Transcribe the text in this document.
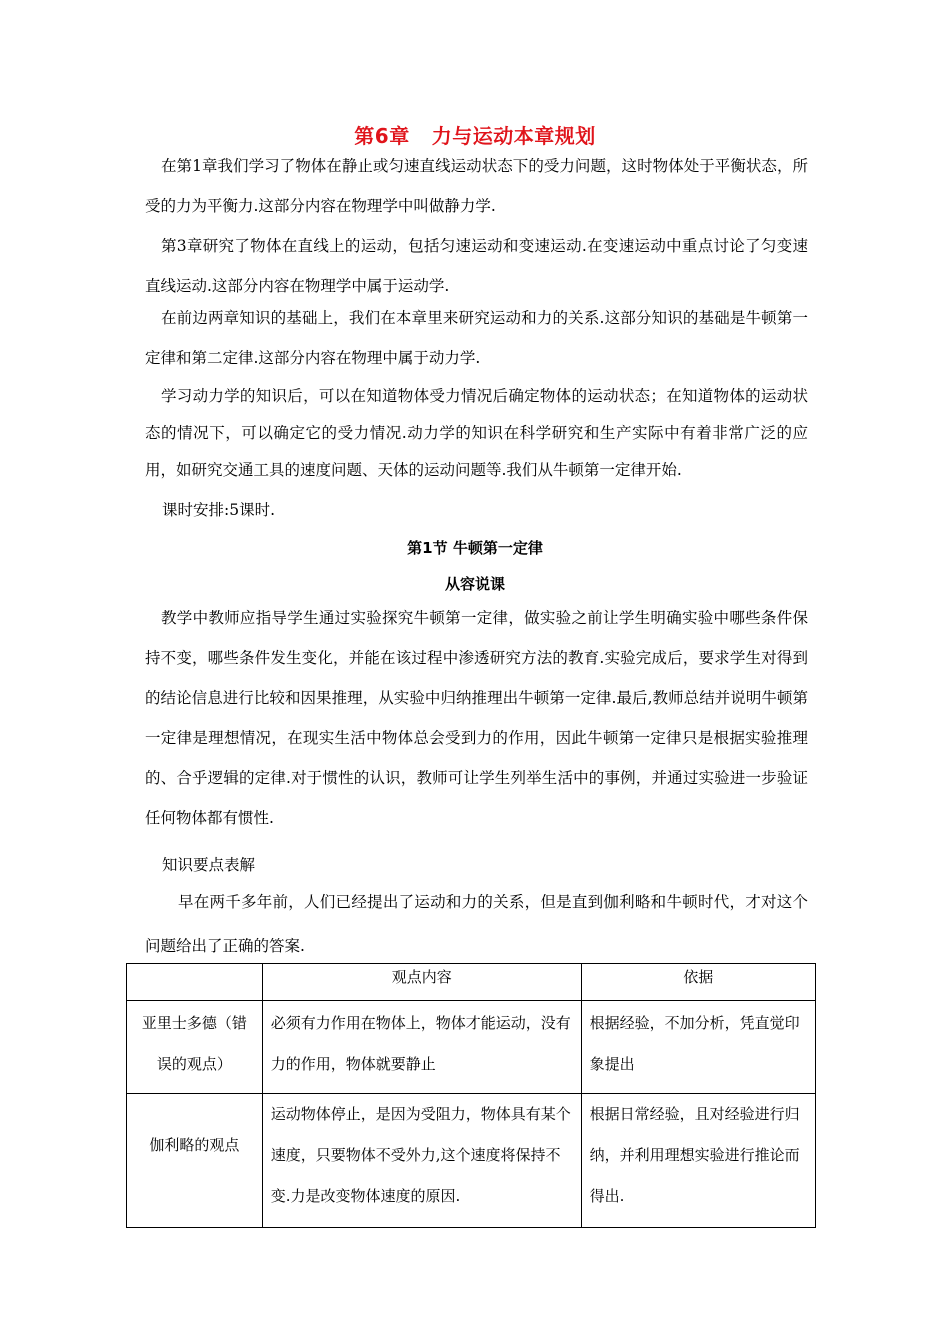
第6章 力与运动本章规划

在第1章我们学习了物体在静止或匀速直线运动状态下的受力问题，这时物体处于平衡状态，所受的力为平衡力.这部分内容在物理学中叫做静力学.

第3章研究了物体在直线上的运动，包括匀速运动和变速运动.在变速运动中重点讨论了匀变速直线运动.这部分内容在物理学中属于运动学.

在前边两章知识的基础上，我们在本章里来研究运动和力的关系.这部分知识的基础是牛顿第一定律和第二定律.这部分内容在物理中属于动力学.

学习动力学的知识后，可以在知道物体受力情况后确定物体的运动状态；在知道物体的运动状态的情况下，可以确定它的受力情况.动力学的知识在科学研究和生产实际中有着非常广泛的应用，如研究交通工具的速度问题、天体的运动问题等.我们从牛顿第一定律开始.

课时安排:5课时.

第1节 牛顿第一定律
从容说课

教学中教师应指导学生通过实验探究牛顿第一定律，做实验之前让学生明确实验中哪些条件保持不变，哪些条件发生变化，并能在该过程中渗透研究方法的教育.实验完成后，要求学生对得到的结论信息进行比较和因果推理，从实验中归纳推理出牛顿第一定律.最后,教师总结并说明牛顿第一定律是理想情况，在现实生活中物体总会受到力的作用，因此牛顿第一定律只是根据实验推理的、合乎逻辑的定律.对于惯性的认识，教师可让学生列举生活中的事例，并通过实验进一步验证任何物体都有惯性.

知识要点表解

早在两千多年前，人们已经提出了运动和力的关系，但是直到伽利略和牛顿时代，才对这个问题给出了正确的答案.

	观点内容	依据
亚里士多德（错误的观点）	必须有力作用在物体上，物体才能运动，没有力的作用，物体就要静止	根据经验，不加分析，凭直觉印象提出
伽利略的观点	运动物体停止，是因为受阻力，物体具有某个速度，只要物体不受外力,这个速度将保持不变.力是改变物体速度的原因.	根据日常经验，且对经验进行归纳，并利用理想实验进行推论而得出.
